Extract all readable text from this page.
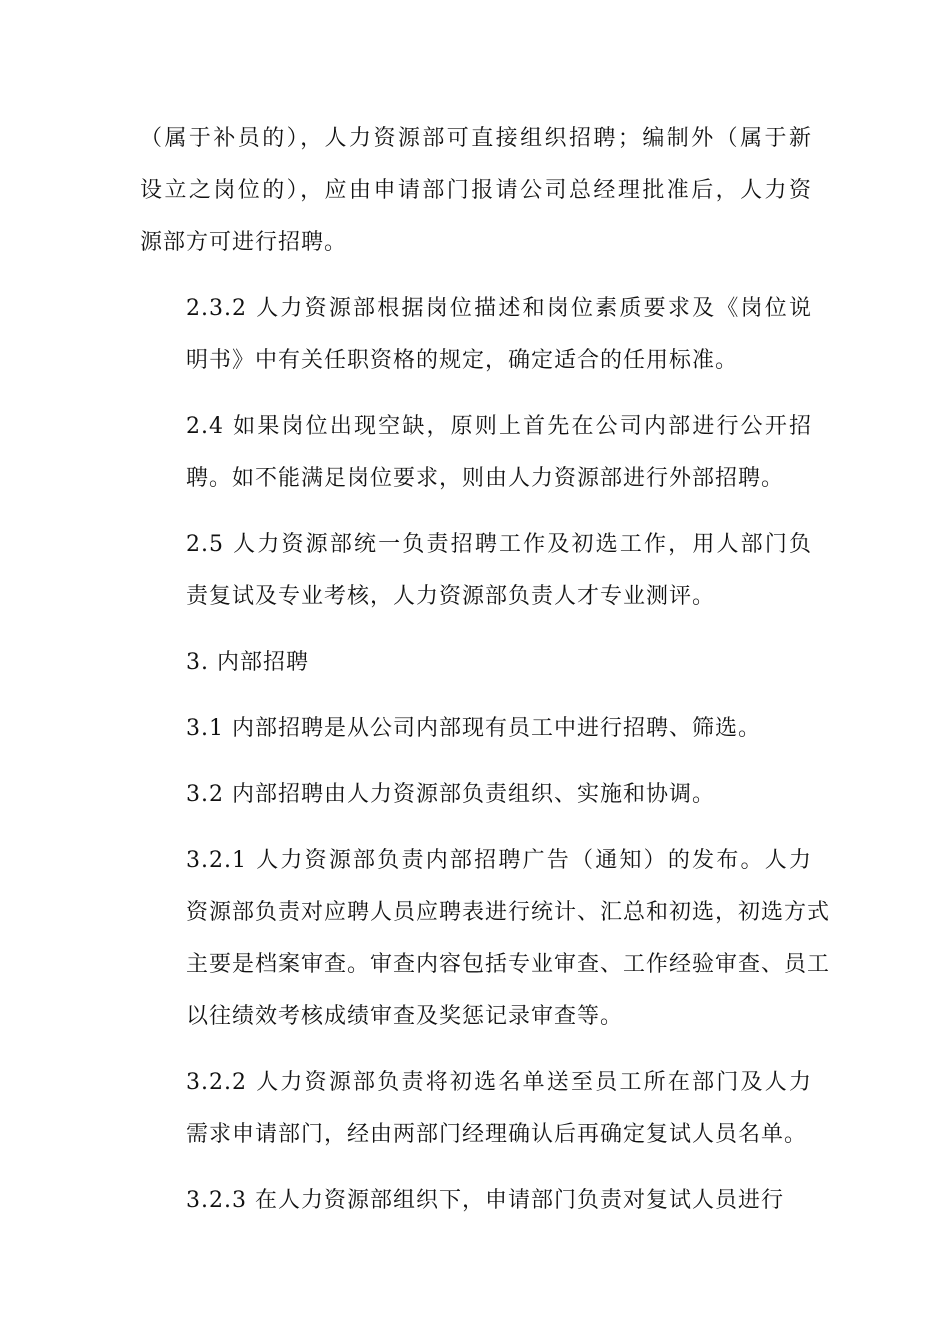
（属于补员的），人力资源部可直接组织招聘；编制外（属于新
设立之岗位的），应由申请部门报请公司总经理批准后，人力资
源部方可进行招聘。

2.3.2 人力资源部根据岗位描述和岗位素质要求及《岗位说
明书》中有关任职资格的规定，确定适合的任用标准。

2.4 如果岗位出现空缺，原则上首先在公司内部进行公开招
聘。如不能满足岗位要求，则由人力资源部进行外部招聘。

2.5 人力资源部统一负责招聘工作及初选工作，用人部门负
责复试及专业考核，人力资源部负责人才专业测评。

3. 内部招聘

3.1 内部招聘是从公司内部现有员工中进行招聘、筛选。

3.2 内部招聘由人力资源部负责组织、实施和协调。

3.2.1 人力资源部负责内部招聘广告（通知）的发布。人力
资源部负责对应聘人员应聘表进行统计、汇总和初选，初选方式
主要是档案审查。审查内容包括专业审查、工作经验审查、员工
以往绩效考核成绩审查及奖惩记录审查等。

3.2.2 人力资源部负责将初选名单送至员工所在部门及人力
需求申请部门，经由两部门经理确认后再确定复试人员名单。

3.2.3 在人力资源部组织下，申请部门负责对复试人员进行
